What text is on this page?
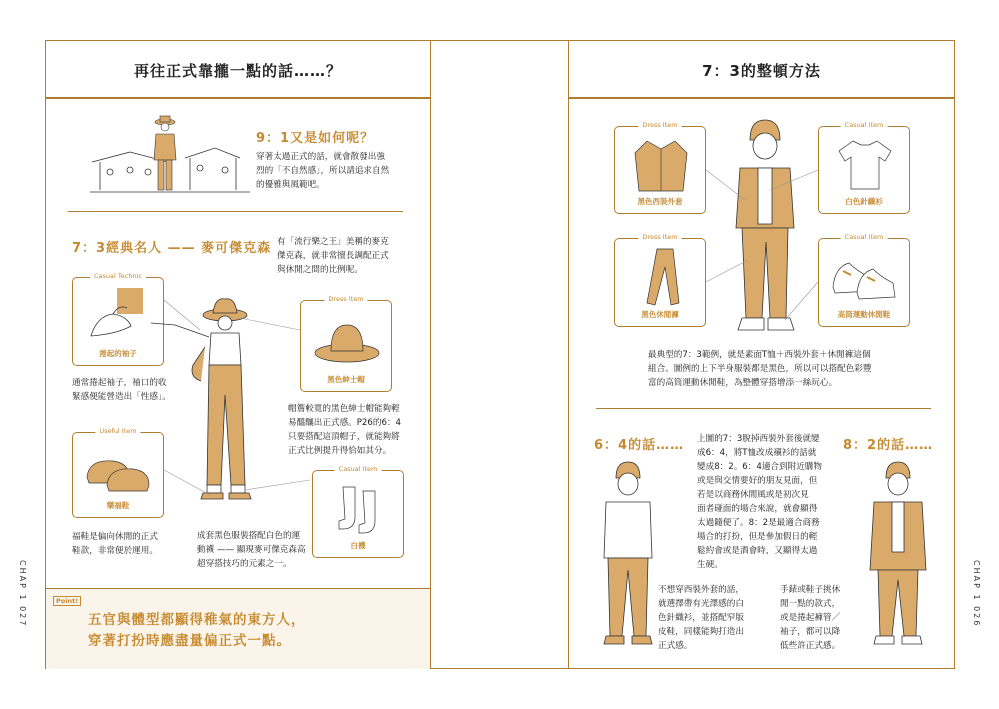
再往正式靠攏一點的話……？	7：3的整頓方法
CHAP 1 027	CHAP 1 026
9：1又是如何呢？
穿著太過正式的話，就會散發出強
烈的「不自然感」，所以請追求自然
的優雅與風範吧。
7：3經典名人 —— 麥可傑克森 有「流行樂之王」美稱的麥克
傑克森，就非常擅長調配正式
與休閒之間的比例呢。
Casual Technic
捲起的袖子
通常捲起袖子，袖口的收
緊感便能營造出「性感」。
Useful Item
樂福鞋
福鞋是偏向休閒的正式
鞋款，非常便於運用。
Dress Item
黑色紳士帽
帽簷較寬的黑色紳士帽能夠輕
易醞釀出正式感。P26的6：4
只要搭配這頂帽子，就能夠將
正式比例提升得恰如其分。
Casual Item
白襪
成套黑色服裝搭配白色的運
動襪 —— 顯現麥可傑克森高
超穿搭技巧的元素之一。
Point!
五官與體型都顯得稚氣的東方人，
穿著打扮時應盡量偏正式一點。
Dress Item
黑色西裝外套
Dress Item
黑色休閒褲
Casual Item
白色針織衫
Casual Item
高筒運動休閒鞋
最典型的7：3範例，就是素面T恤＋西裝外套＋休閒褲這個
組合。圖例的上下半身服裝都是黑色，所以可以搭配色彩豐
富的高筒運動休閒鞋，為整體穿搭增添一絲玩心。
6：4的話……	8：2的話……
上圖的7：3脫掉西裝外套後就變
成6：4，將T恤改成襯衫的話就
變成8：2。6：4適合到附近購物
或是與交情要好的朋友見面，但
若是以商務休閒風或是初次見
面者碰面的場合來說，就會顯得
太過隨便了。8：2是最適合商務
場合的打扮，但是參加假日的輕
鬆約會或是酒會時，又顯得太過
生硬。
不想穿西裝外套的話，
就選擇帶有光澤感的白
色針織衫，並搭配窄版
皮鞋，同樣能夠打造出
正式感。
手錶或鞋子挑休
閒一點的款式，
或是捲起褲管／
袖子，都可以降
低些許正式感。
